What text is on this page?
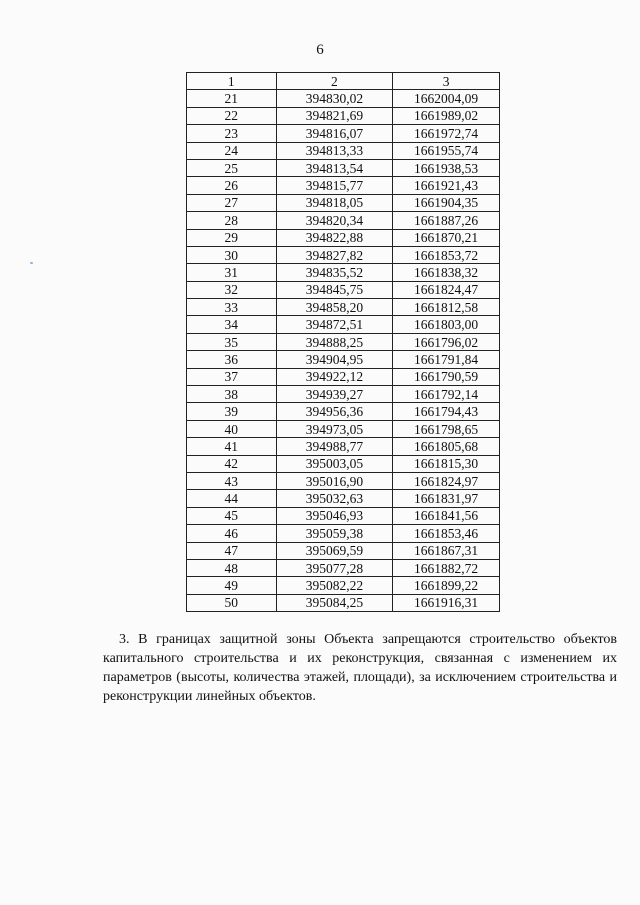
6
1	2	3
21	394830,02	1662004,09
22	394821,69	1661989,02
23	394816,07	1661972,74
24	394813,33	1661955,74
25	394813,54	1661938,53
26	394815,77	1661921,43
27	394818,05	1661904,35
28	394820,34	1661887,26
29	394822,88	1661870,21
30	394827,82	1661853,72
31	394835,52	1661838,32
32	394845,75	1661824,47
33	394858,20	1661812,58
34	394872,51	1661803,00
35	394888,25	1661796,02
36	394904,95	1661791,84
37	394922,12	1661790,59
38	394939,27	1661792,14
39	394956,36	1661794,43
40	394973,05	1661798,65
41	394988,77	1661805,68
42	395003,05	1661815,30
43	395016,90	1661824,97
44	395032,63	1661831,97
45	395046,93	1661841,56
46	395059,38	1661853,46
47	395069,59	1661867,31
48	395077,28	1661882,72
49	395082,22	1661899,22
50	395084,25	1661916,31

3. В границах защитной зоны Объекта запрещаются строительство объектов капитального строительства и их реконструкция, связанная с изменением их параметров (высоты, количества этажей, площади), за исключением строительства и реконструкции линейных объектов.
